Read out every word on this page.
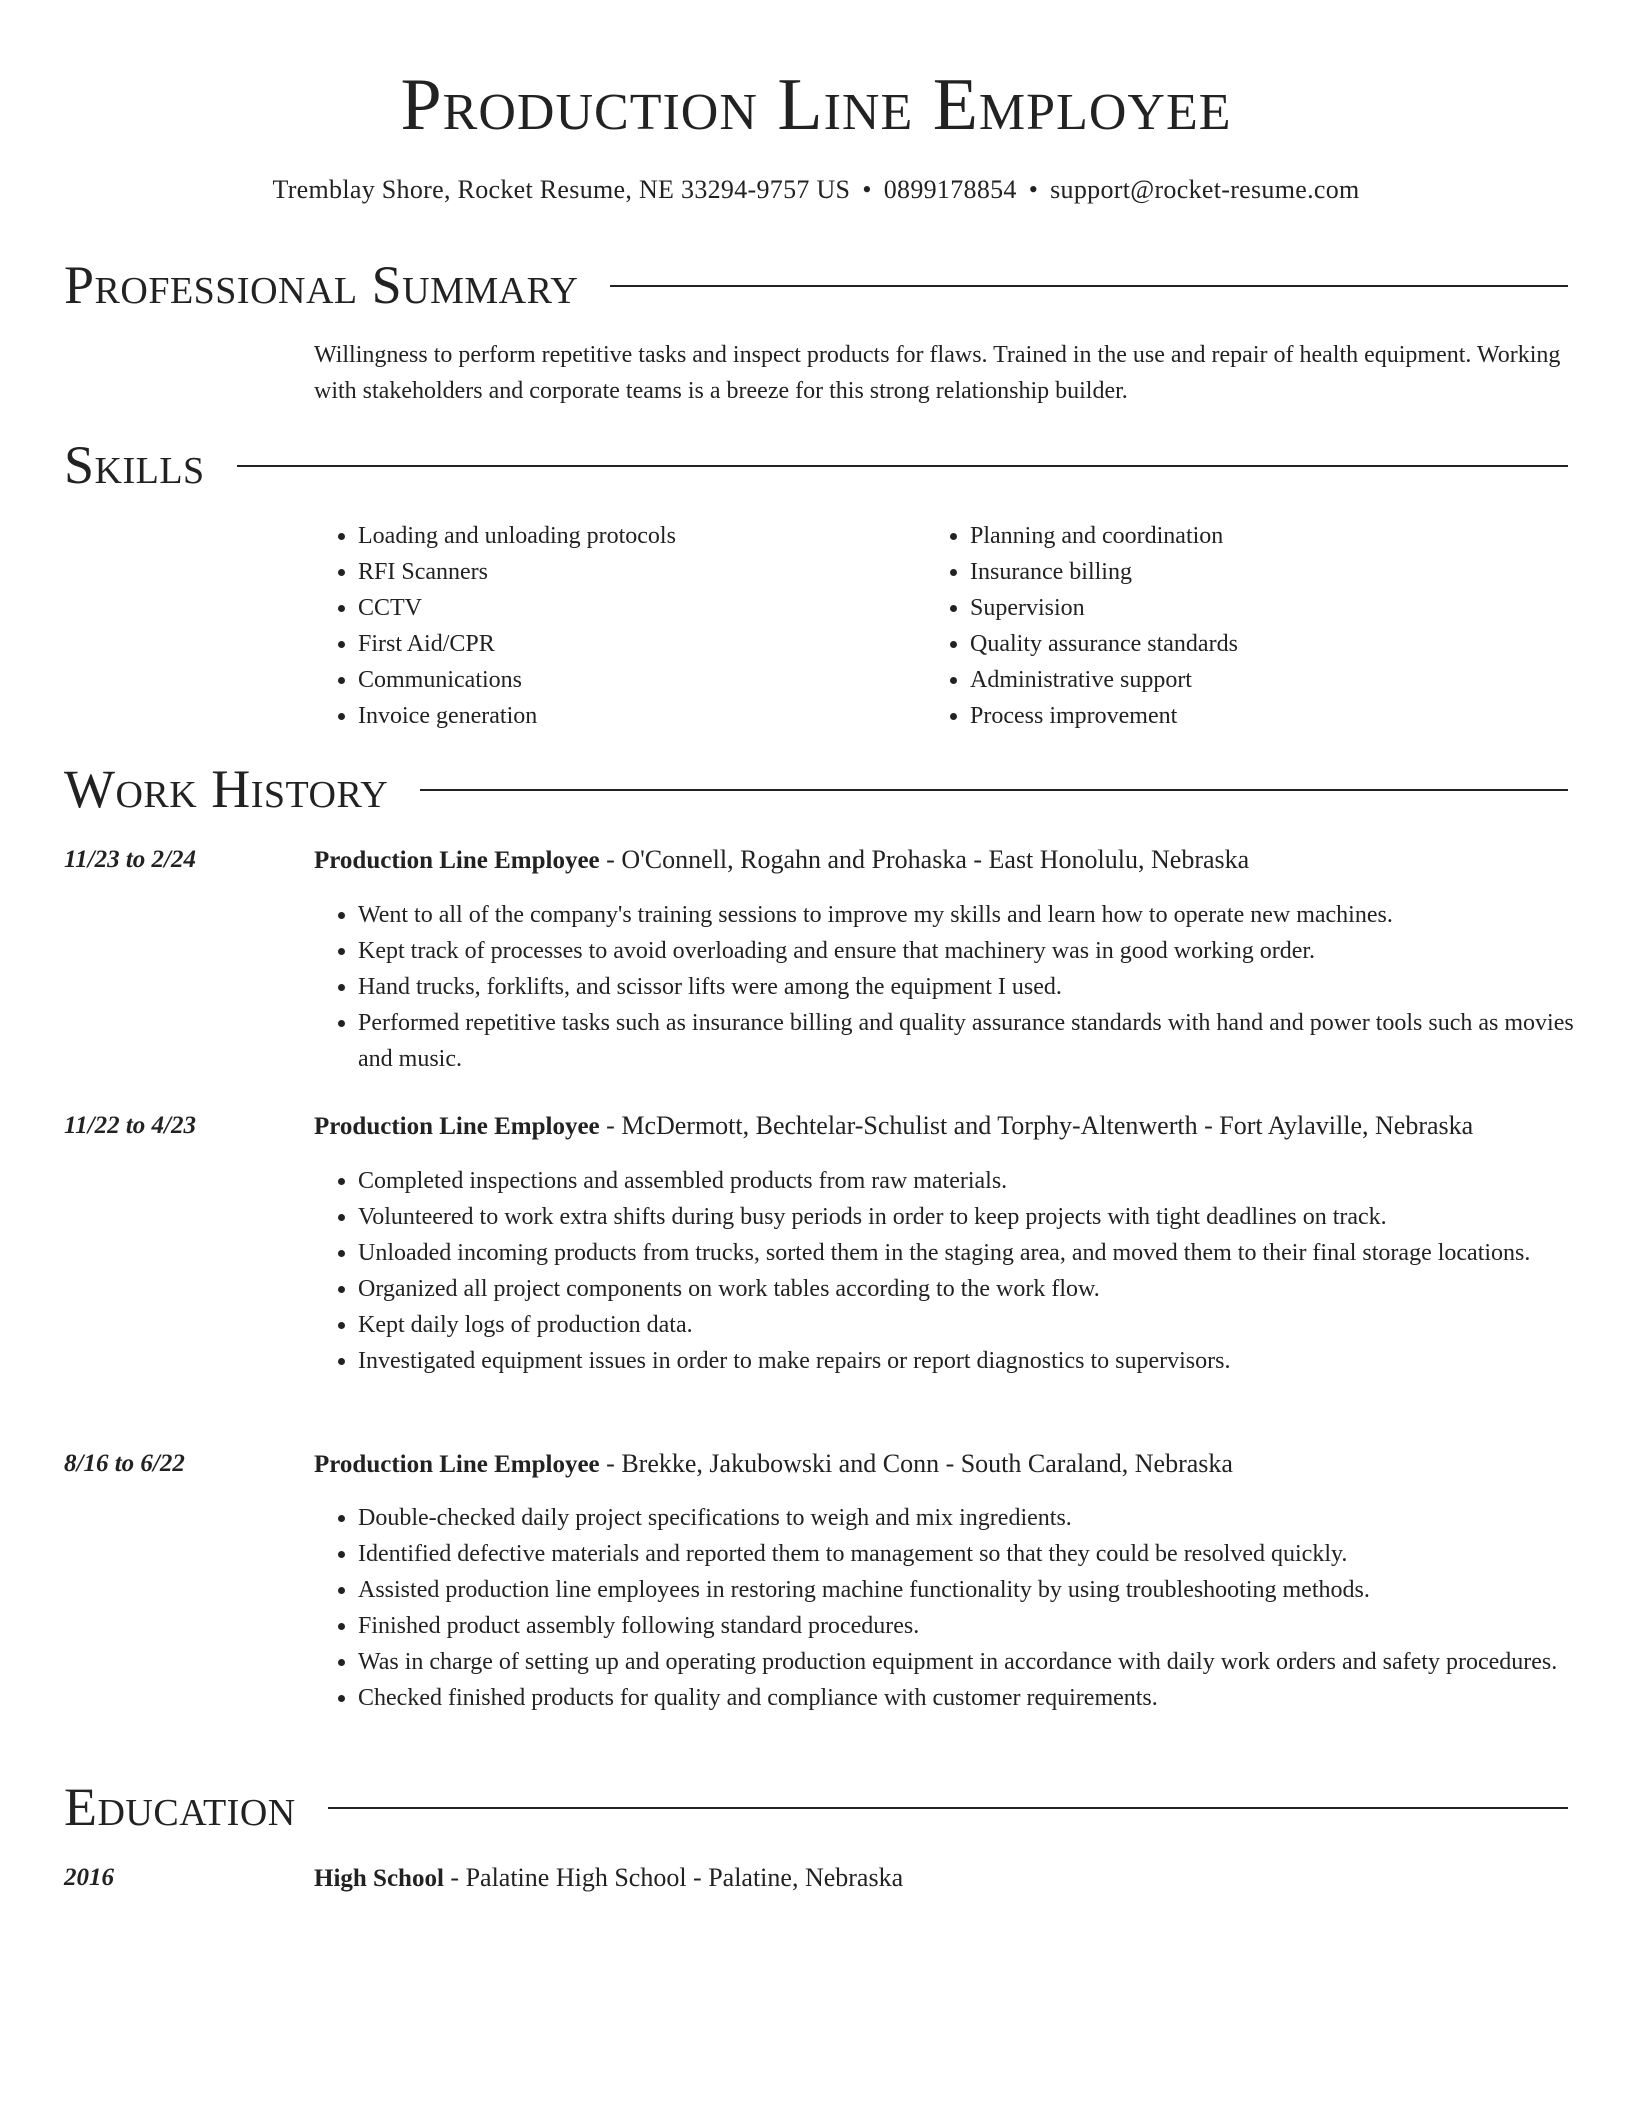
Production Line Employee
Tremblay Shore, Rocket Resume, NE 33294-9757 US • 0899178854 • support@rocket-resume.com
Professional Summary

Willingness to perform repetitive tasks and inspect products for flaws. Trained in the use and repair of health equipment. Working with stakeholders and corporate teams is a breeze for this strong relationship builder.

Skills
• Loading and unloading protocols
• RFI Scanners
• CCTV
• First Aid/CPR
• Communications
• Invoice generation
• Planning and coordination
• Insurance billing
• Supervision
• Quality assurance standards
• Administrative support
• Process improvement
Work History
11/23 to 2/24	Production Line Employee - O'Connell, Rogahn and Prohaska - East Honolulu, Nebraska
• Went to all of the company's training sessions to improve my skills and learn how to operate new machines.
• Kept track of processes to avoid overloading and ensure that machinery was in good working order.
• Hand trucks, forklifts, and scissor lifts were among the equipment I used.
• Performed repetitive tasks such as insurance billing and quality assurance standards with hand and power tools such as movies and music.
11/22 to 4/23	Production Line Employee - McDermott, Bechtelar-Schulist and Torphy-Altenwerth - Fort Aylaville, Nebraska
• Completed inspections and assembled products from raw materials.
• Volunteered to work extra shifts during busy periods in order to keep projects with tight deadlines on track.
• Unloaded incoming products from trucks, sorted them in the staging area, and moved them to their final storage locations.
• Organized all project components on work tables according to the work flow.
• Kept daily logs of production data.
• Investigated equipment issues in order to make repairs or report diagnostics to supervisors.
8/16 to 6/22	Production Line Employee - Brekke, Jakubowski and Conn - South Caraland, Nebraska
• Double-checked daily project specifications to weigh and mix ingredients.
• Identified defective materials and reported them to management so that they could be resolved quickly.
• Assisted production line employees in restoring machine functionality by using troubleshooting methods.
• Finished product assembly following standard procedures.
• Was in charge of setting up and operating production equipment in accordance with daily work orders and safety procedures.
• Checked finished products for quality and compliance with customer requirements.
Education
2016	High School - Palatine High School - Palatine, Nebraska
